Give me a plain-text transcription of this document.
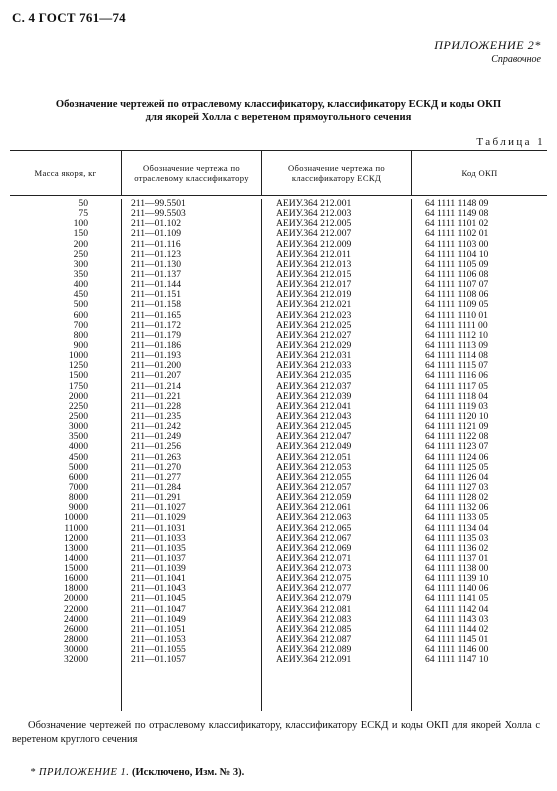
С. 4 ГОСТ 761—74
ПРИЛОЖЕНИЕ 2*
Справочное
Обозначение чертежей по отраслевому классификатору, классификатору ЕСКД и коды ОКП
для якорей Холла с веретеном прямоугольного сечения
Таблица 1
Масса якоря, кг
Обозначение чертежа по отраслевому классификатору
Обозначение чертежа по классификатору ЕСКД
Код ОКП
50	211—99.5501	АЕИУ.364 212.001	64 1111 1148 09
75	211—99.5503	АЕИУ.364 212.003	64 1111 1149 08
100	211—01.102	АЕИУ.364 212.005	64 1111 1101 02
150	211—01.109	АЕИУ.364 212.007	64 1111 1102 01
200	211—01.116	АЕИУ.364 212.009	64 1111 1103 00
250	211—01.123	АЕИУ.364 212.011	64 1111 1104 10
300	211—01.130	АЕИУ.364 212.013	64 1111 1105 09
350	211—01.137	АЕИУ.364 212.015	64 1111 1106 08
400	211—01.144	АЕИУ.364 212.017	64 1111 1107 07
450	211—01.151	АЕИУ.364 212.019	64 1111 1108 06
500	211—01.158	АЕИУ.364 212.021	64 1111 1109 05
600	211—01.165	АЕИУ.364 212.023	64 1111 1110 01
700	211—01.172	АЕИУ.364 212.025	64 1111 1111 00
800	211—01.179	АЕИУ.364 212.027	64 1111 1112 10
900	211—01.186	АЕИУ.364 212.029	64 1111 1113 09
1000	211—01.193	АЕИУ.364 212.031	64 1111 1114 08
1250	211—01.200	АЕИУ.364 212.033	64 1111 1115 07
1500	211—01.207	АЕИУ.364 212.035	64 1111 1116 06
1750	211—01.214	АЕИУ.364 212.037	64 1111 1117 05
2000	211—01.221	АЕИУ.364 212.039	64 1111 1118 04
2250	211—01.228	АЕИУ.364 212.041	64 1111 1119 03
2500	211—01.235	АЕИУ.364 212.043	64 1111 1120 10
3000	211—01.242	АЕИУ.364 212.045	64 1111 1121 09
3500	211—01.249	АЕИУ.364 212.047	64 1111 1122 08
4000	211—01.256	АЕИУ.364 212.049	64 1111 1123 07
4500	211—01.263	АЕИУ.364 212.051	64 1111 1124 06
5000	211—01.270	АЕИУ.364 212.053	64 1111 1125 05
6000	211—01.277	АЕИУ.364 212.055	64 1111 1126 04
7000	211—01.284	АЕИУ.364 212.057	64 1111 1127 03
8000	211—01.291	АЕИУ.364 212.059	64 1111 1128 02
9000	211—01.1027	АЕИУ.364 212.061	64 1111 1132 06
10000	211—01.1029	АЕИУ.364 212.063	64 1111 1133 05
11000	211—01.1031	АЕИУ.364 212.065	64 1111 1134 04
12000	211—01.1033	АЕИУ.364 212.067	64 1111 1135 03
13000	211—01.1035	АЕИУ.364 212.069	64 1111 1136 02
14000	211—01.1037	АЕИУ.364 212.071	64 1111 1137 01
15000	211—01.1039	АЕИУ.364 212.073	64 1111 1138 00
16000	211—01.1041	АЕИУ.364 212.075	64 1111 1139 10
18000	211—01.1043	АЕИУ.364 212.077	64 1111 1140 06
20000	211—01.1045	АЕИУ.364 212.079	64 1111 1141 05
22000	211—01.1047	АЕИУ.364 212.081	64 1111 1142 04
24000	211—01.1049	АЕИУ.364 212.083	64 1111 1143 03
26000	211—01.1051	АЕИУ.364 212.085	64 1111 1144 02
28000	211—01.1053	АЕИУ.364 212.087	64 1111 1145 01
30000	211—01.1055	АЕИУ.364 212.089	64 1111 1146 00
32000	211—01.1057	АЕИУ.364 212.091	64 1111 1147 10
Обозначение чертежей по отраслевому классификатору, классификатору ЕСКД и коды ОКП для якорей Холла с веретеном круглого сечения
* ПРИЛОЖЕНИЕ 1. (Исключено, Изм. № 3).
